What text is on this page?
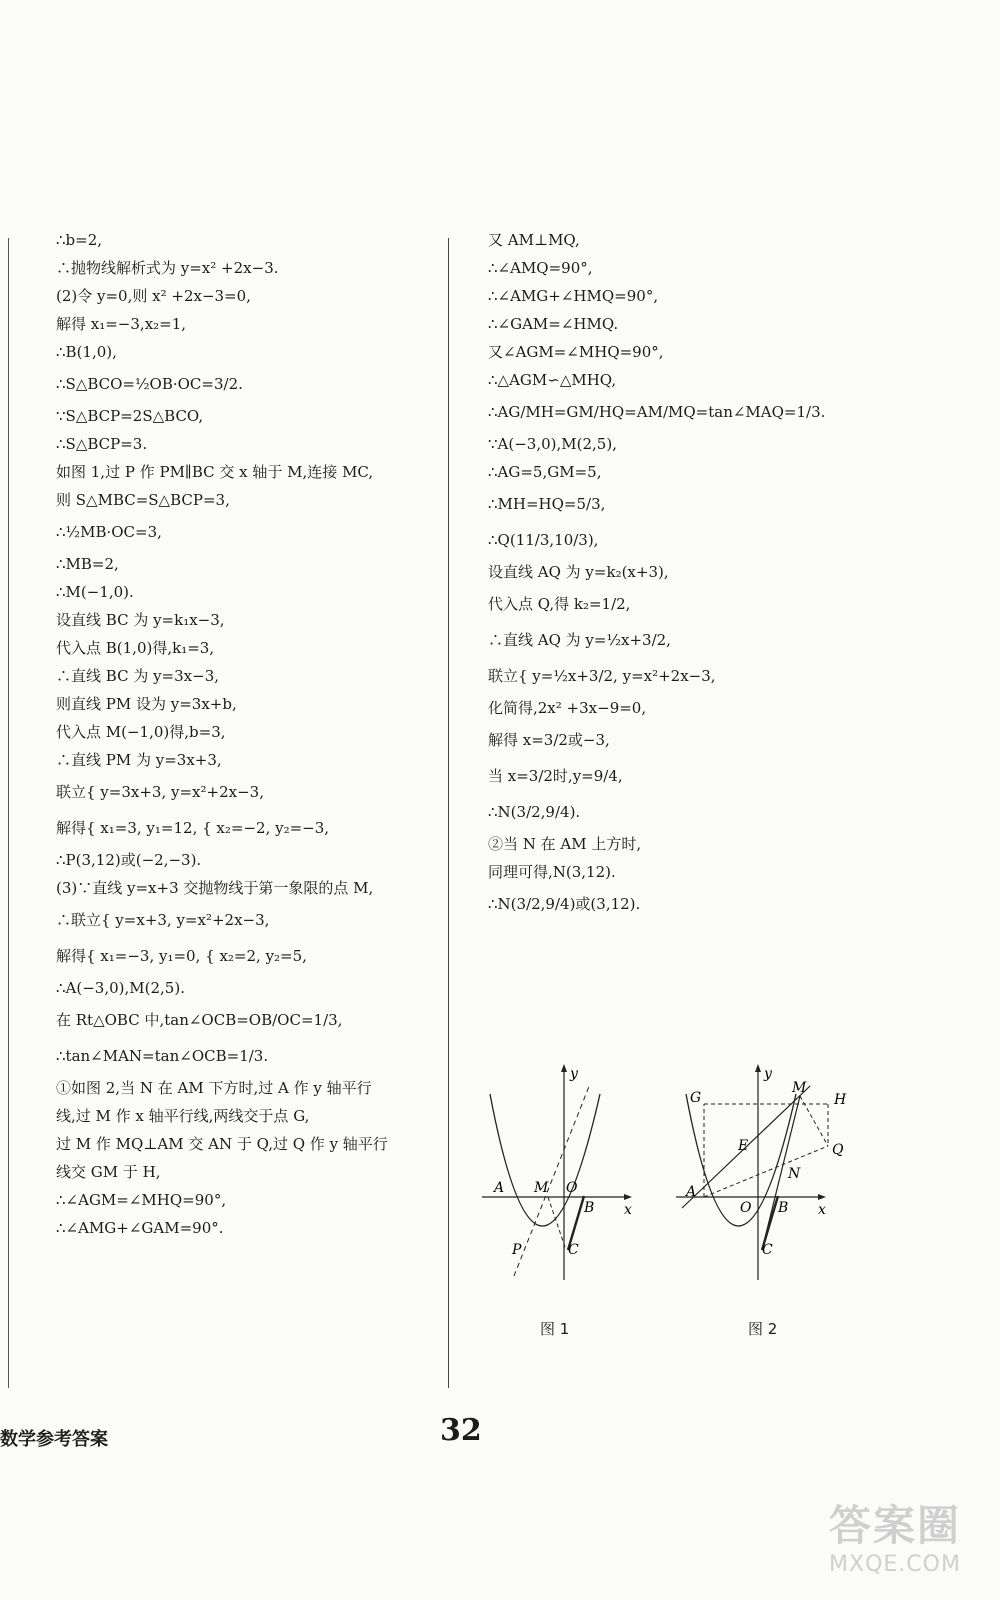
∴b=2,
∴抛物线解析式为 y=x² +2x−3.
(2)令 y=0,则 x² +2x−3=0,
解得 x₁=−3,x₂=1,
∴B(1,0),
∴S△BCO=½OB·OC=3/2.
∵S△BCP=2S△BCO,
∴S△BCP=3.
如图 1,过 P 作 PM∥BC 交 x 轴于 M,连接 MC,
则 S△MBC=S△BCP=3,
∴½MB·OC=3,
∴MB=2,
∴M(−1,0).
设直线 BC 为 y=k₁x−3,
代入点 B(1,0)得,k₁=3,
∴直线 BC 为 y=3x−3,
则直线 PM 设为 y=3x+b,
代入点 M(−1,0)得,b=3,
∴直线 PM 为 y=3x+3,
联立{ y=3x+3, y=x²+2x−3,
解得{ x₁=3, y₁=12, { x₂=−2, y₂=−3,
∴P(3,12)或(−2,−3).
(3)∵直线 y=x+3 交抛物线于第一象限的点 M,
∴联立{ y=x+3, y=x²+2x−3,
解得{ x₁=−3, y₁=0, { x₂=2, y₂=5,
∴A(−3,0),M(2,5).
在 Rt△OBC 中,tan∠OCB=OB/OC=1/3,
∴tan∠MAN=tan∠OCB=1/3.
①如图 2,当 N 在 AM 下方时,过 A 作 y 轴平行
线,过 M 作 x 轴平行线,两线交于点 G,
过 M 作 MQ⊥AM 交 AN 于 Q,过 Q 作 y 轴平行
线交 GM 于 H,
∴∠AGM=∠MHQ=90°,
∴∠AMG+∠GAM=90°.
又 AM⊥MQ,
∴∠AMQ=90°,
∴∠AMG+∠HMQ=90°,
∴∠GAM=∠HMQ.
又∠AGM=∠MHQ=90°,
∴△AGM∽△MHQ,
∴AG/MH=GM/HQ=AM/MQ=tan∠MAQ=1/3.
∵A(−3,0),M(2,5),
∴AG=5,GM=5,
∴MH=HQ=5/3,
∴Q(11/3,10/3),
设直线 AQ 为 y=k₂(x+3),
代入点 Q,得 k₂=1/2,
∴直线 AQ 为 y=½x+3/2,
联立{ y=½x+3/2, y=x²+2x−3,
化简得,2x² +3x−9=0,
解得 x=3/2或−3,
当 x=3/2时,y=9/4,
∴N(3/2,9/4).
②当 N 在 AM 上方时,
同理可得,N(3,12).
∴N(3/2,9/4)或(3,12).
y
x
A M O
B
P	C
图 1
y
x
G
M
H
E	Q
N
A
O B
C
图 2
数学参考答案	32
答案圈
MXQE.COM
